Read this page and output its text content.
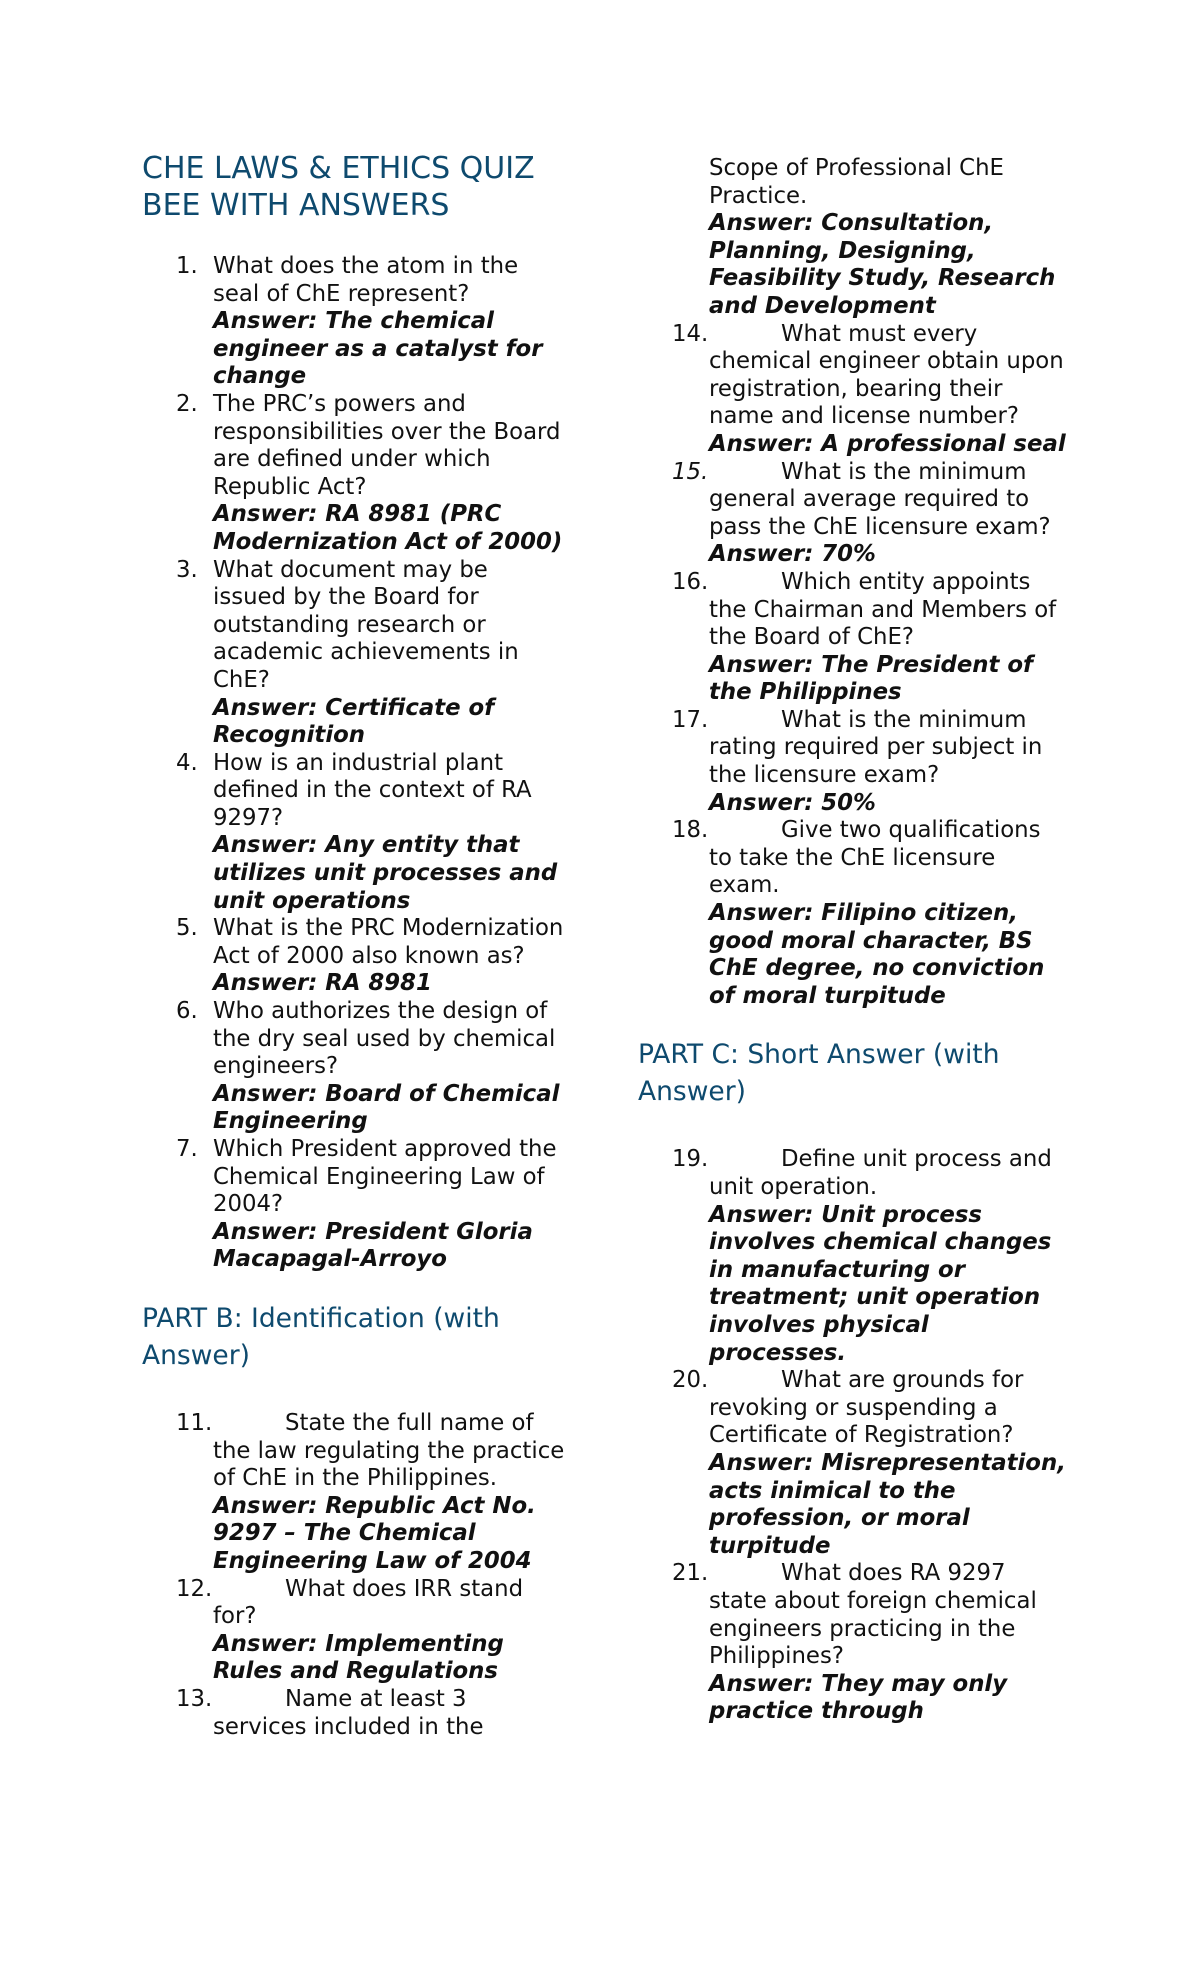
CHE LAWS & ETHICS QUIZ BEE WITH ANSWERS
1. What does the atom in the seal of ChE represent?
Answer: The chemical engineer as a catalyst for change
2. The PRC’s powers and responsibilities over the Board are defined under which Republic Act?
Answer: RA 8981 (PRC Modernization Act of 2000)
3. What document may be issued by the Board for outstanding research or academic achievements in ChE?
Answer: Certificate of Recognition
4. How is an industrial plant defined in the context of RA 9297?
Answer: Any entity that utilizes unit processes and unit operations
5. What is the PRC Modernization Act of 2000 also known as?
Answer: RA 8981
6. Who authorizes the design of the dry seal used by chemical engineers?
Answer: Board of Chemical Engineering
7. Which President approved the Chemical Engineering Law of 2004?
Answer: President Gloria Macapagal-Arroyo
PART B: Identification (with Answer)
11.	State the full name of the law regulating the practice of ChE in the Philippines.
Answer: Republic Act No. 9297 – The Chemical Engineering Law of 2004
12.	What does IRR stand for?
Answer: Implementing Rules and Regulations
13.	Name at least 3 services included in the
Scope of Professional ChE Practice.
Answer: Consultation, Planning, Designing, Feasibility Study, Research and Development
14.	What must every chemical engineer obtain upon registration, bearing their name and license number?
Answer: A professional seal
15.	What is the minimum general average required to pass the ChE licensure exam?
Answer: 70%
16.	Which entity appoints the Chairman and Members of the Board of ChE?
Answer: The President of the Philippines
17.	What is the minimum rating required per subject in the licensure exam?
Answer: 50%
18.	Give two qualifications to take the ChE licensure exam.
Answer: Filipino citizen, good moral character, BS ChE degree, no conviction of moral turpitude
PART C: Short Answer (with Answer)
19.	Define unit process and unit operation.
Answer: Unit process involves chemical changes in manufacturing or treatment; unit operation involves physical processes.
20.	What are grounds for revoking or suspending a Certificate of Registration?
Answer: Misrepresentation, acts inimical to the profession, or moral turpitude
21.	What does RA 9297 state about foreign chemical engineers practicing in the Philippines?
Answer: They may only practice through
